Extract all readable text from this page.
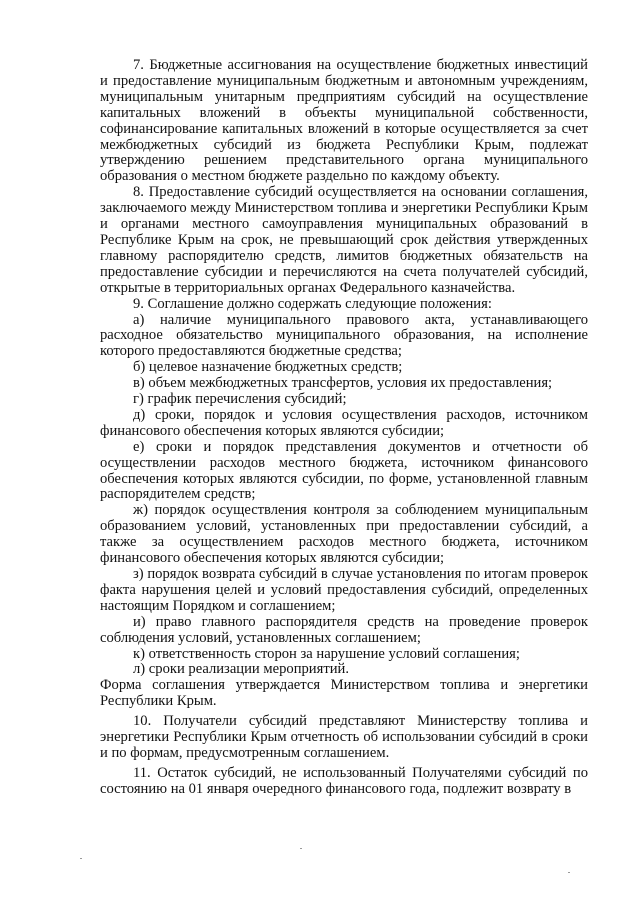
7. Бюджетные ассигнования на осуществление бюджетных инвестиций и предоставление муниципальным бюджетным и автономным учреждениям, муниципальным унитарным предприятиям субсидий на осуществление капитальных вложений в объекты муниципальной собственности, софинансирование капитальных вложений в которые осуществляется за счет межбюджетных субсидий из бюджета Республики Крым, подлежат утверждению решением представительного органа муниципального образования о местном бюджете раздельно по каждому объекту.

8. Предоставление субсидий осуществляется на основании соглашения, заключаемого между Министерством топлива и энергетики Республики Крым и органами местного самоуправления муниципальных образований в Республике Крым на срок, не превышающий срок действия утвержденных главному распорядителю средств, лимитов бюджетных обязательств на предоставление субсидии и перечисляются на счета получателей субсидий, открытые в территориальных органах Федерального казначейства.

9. Соглашение должно содержать следующие положения:

а) наличие муниципального правового акта, устанавливающего расходное обязательство муниципального образования, на исполнение которого предоставляются бюджетные средства;

б) целевое назначение бюджетных средств;

в) объем межбюджетных трансфертов, условия их предоставления;

г) график перечисления субсидий;

д) сроки, порядок и условия осуществления расходов, источником финансового обеспечения которых являются субсидии;

е) сроки и порядок представления документов и отчетности об осуществлении расходов местного бюджета, источником финансового обеспечения которых являются субсидии, по форме, установленной главным распорядителем средств;

ж) порядок осуществления контроля за соблюдением муниципальным образованием условий, установленных при предоставлении субсидий, а также за осуществлением расходов местного бюджета, источником финансового обеспечения которых являются субсидии;

з) порядок возврата субсидий в случае установления по итогам проверок факта нарушения целей и условий предоставления субсидий, определенных настоящим Порядком и соглашением;

и) право главного распорядителя средств на проведение проверок соблюдения условий, установленных соглашением;

к) ответственность сторон за нарушение условий соглашения;

л) сроки реализации мероприятий.

Форма соглашения утверждается Министерством топлива и энергетики Республики Крым.

10. Получатели субсидий представляют Министерству топлива и энергетики Республики Крым отчетность об использовании субсидий в сроки и по формам, предусмотренным соглашением.

11. Остаток субсидий, не использованный Получателями субсидий по состоянию на 01 января очередного финансового года, подлежит возврату в
